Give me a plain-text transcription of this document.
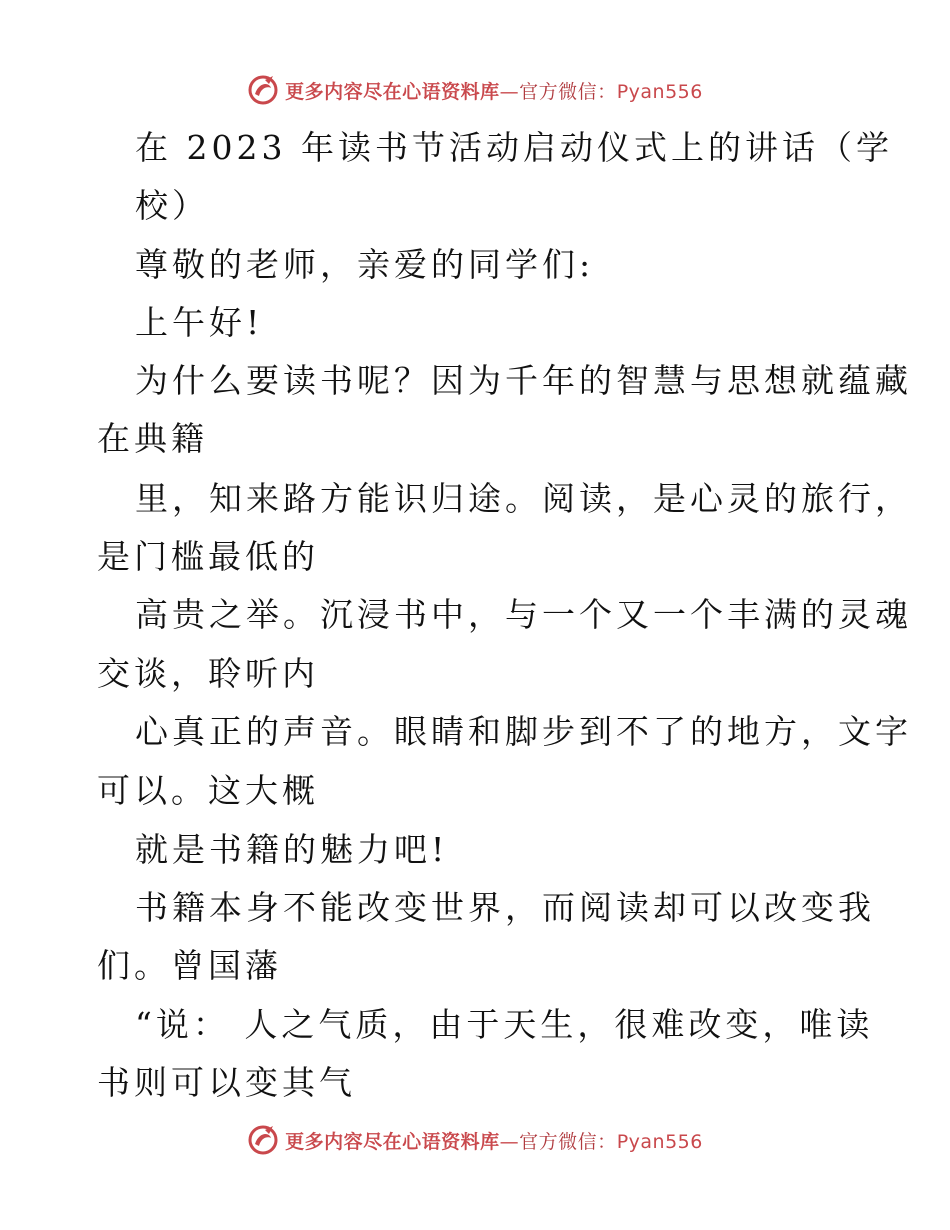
更多内容尽在心语资料库—官方微信：Pyan556
在 2023 年读书节活动启动仪式上的讲话（学
校）
尊敬的老师，亲爱的同学们:
上午好!
为什么要读书呢？因为千年的智慧与思想就蕴藏
在典籍
里，知来路方能识归途。阅读，是心灵的旅行，
是门槛最低的
高贵之举。沉浸书中，与一个又一个丰满的灵魂
交谈，聆听内
心真正的声音。眼睛和脚步到不了的地方，文字
可以。这大概
就是书籍的魅力吧!
书籍本身不能改变世界，而阅读却可以改变我
们。曾国藩
“说： 人之气质，由于天生，很难改变，唯读
书则可以变其气
更多内容尽在心语资料库—官方微信：Pyan556
